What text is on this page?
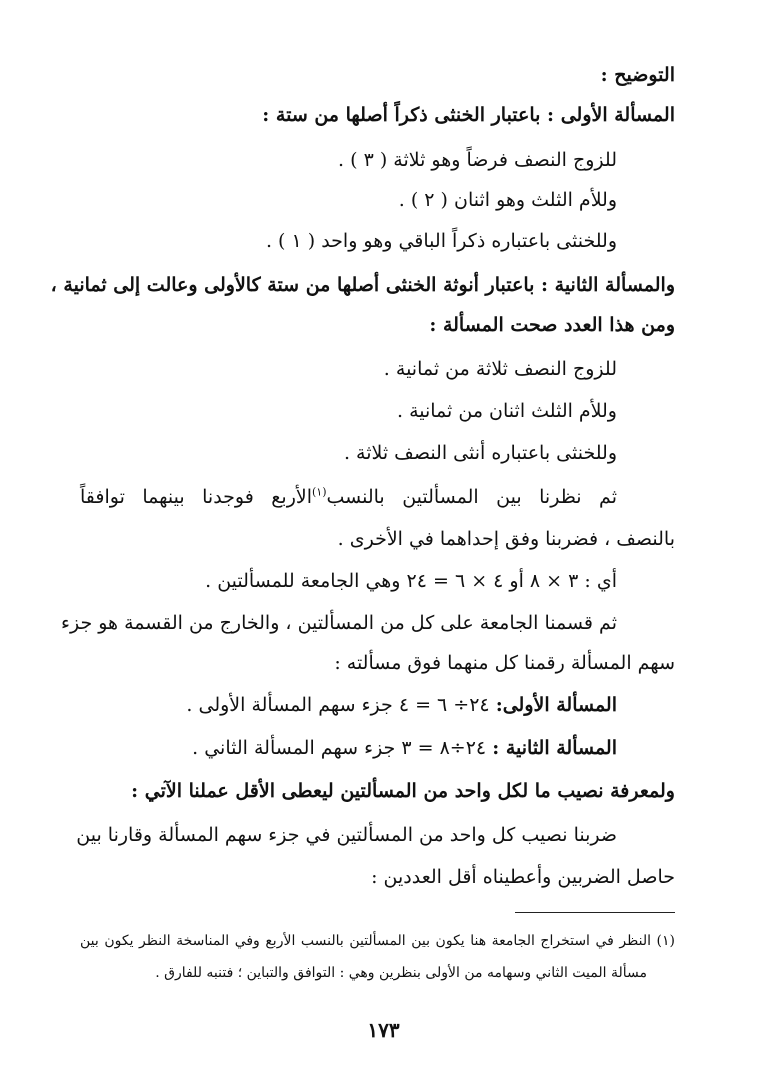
التوضيح :
المسألة الأولى : باعتبار الخنثى ذكراً أصلها من ستة :
للزوج النصف فرضاً وهو ثلاثة ( ٣ ) .
وللأم الثلث وهو اثنان ( ٢ ) .
وللخنثى باعتباره ذكراً الباقي وهو واحد ( ١ ) .
والمسألة الثانية : باعتبار أنوثة الخنثى أصلها من ستة كالأولى وعالت إلى ثمانية ،
ومن هذا العدد صحت المسألة :
للزوج النصف ثلاثة من ثمانية .
وللأم الثلث اثنان من ثمانية .
وللخنثى باعتباره أنثى النصف ثلاثة .
ثم نظرنا بين المسألتين بالنسب$^{(١)}$الأربع فوجدنا بينهما توافقاً
بالنصف ، فضربنا وفق إحداهما في الأخرى .
أي : ٣ × ٨ أو ٤ × ٦ = ٢٤ وهي الجامعة للمسألتين .
ثم قسمنا الجامعة على كل من المسألتين ، والخارج من القسمة هو جزء
سهم المسألة رقمنا كل منهما فوق مسألته :
المسألة الأولى: ٢٤÷ ٦ = ٤ جزء سهم المسألة الأولى .
المسألة الثانية : ٢٤÷٨ = ٣ جزء سهم المسألة الثاني .
ولمعرفة نصيب ما لكل واحد من المسألتين ليعطى الأقل عملنا الآتي :
ضربنا نصيب كل واحد من المسألتين في جزء سهم المسألة وقارنا بين
حاصل الضربين وأعطيناه أقل العددين :
(١) النظر في استخراج الجامعة هنا يكون بين المسألتين بالنسب الأربع وفي المناسخة النظر يكون بين
مسألة الميت الثاني وسهامه من الأولى بنظرين وهي : التوافق والتباين ؛ فتنبه للفارق .
١٧٣
